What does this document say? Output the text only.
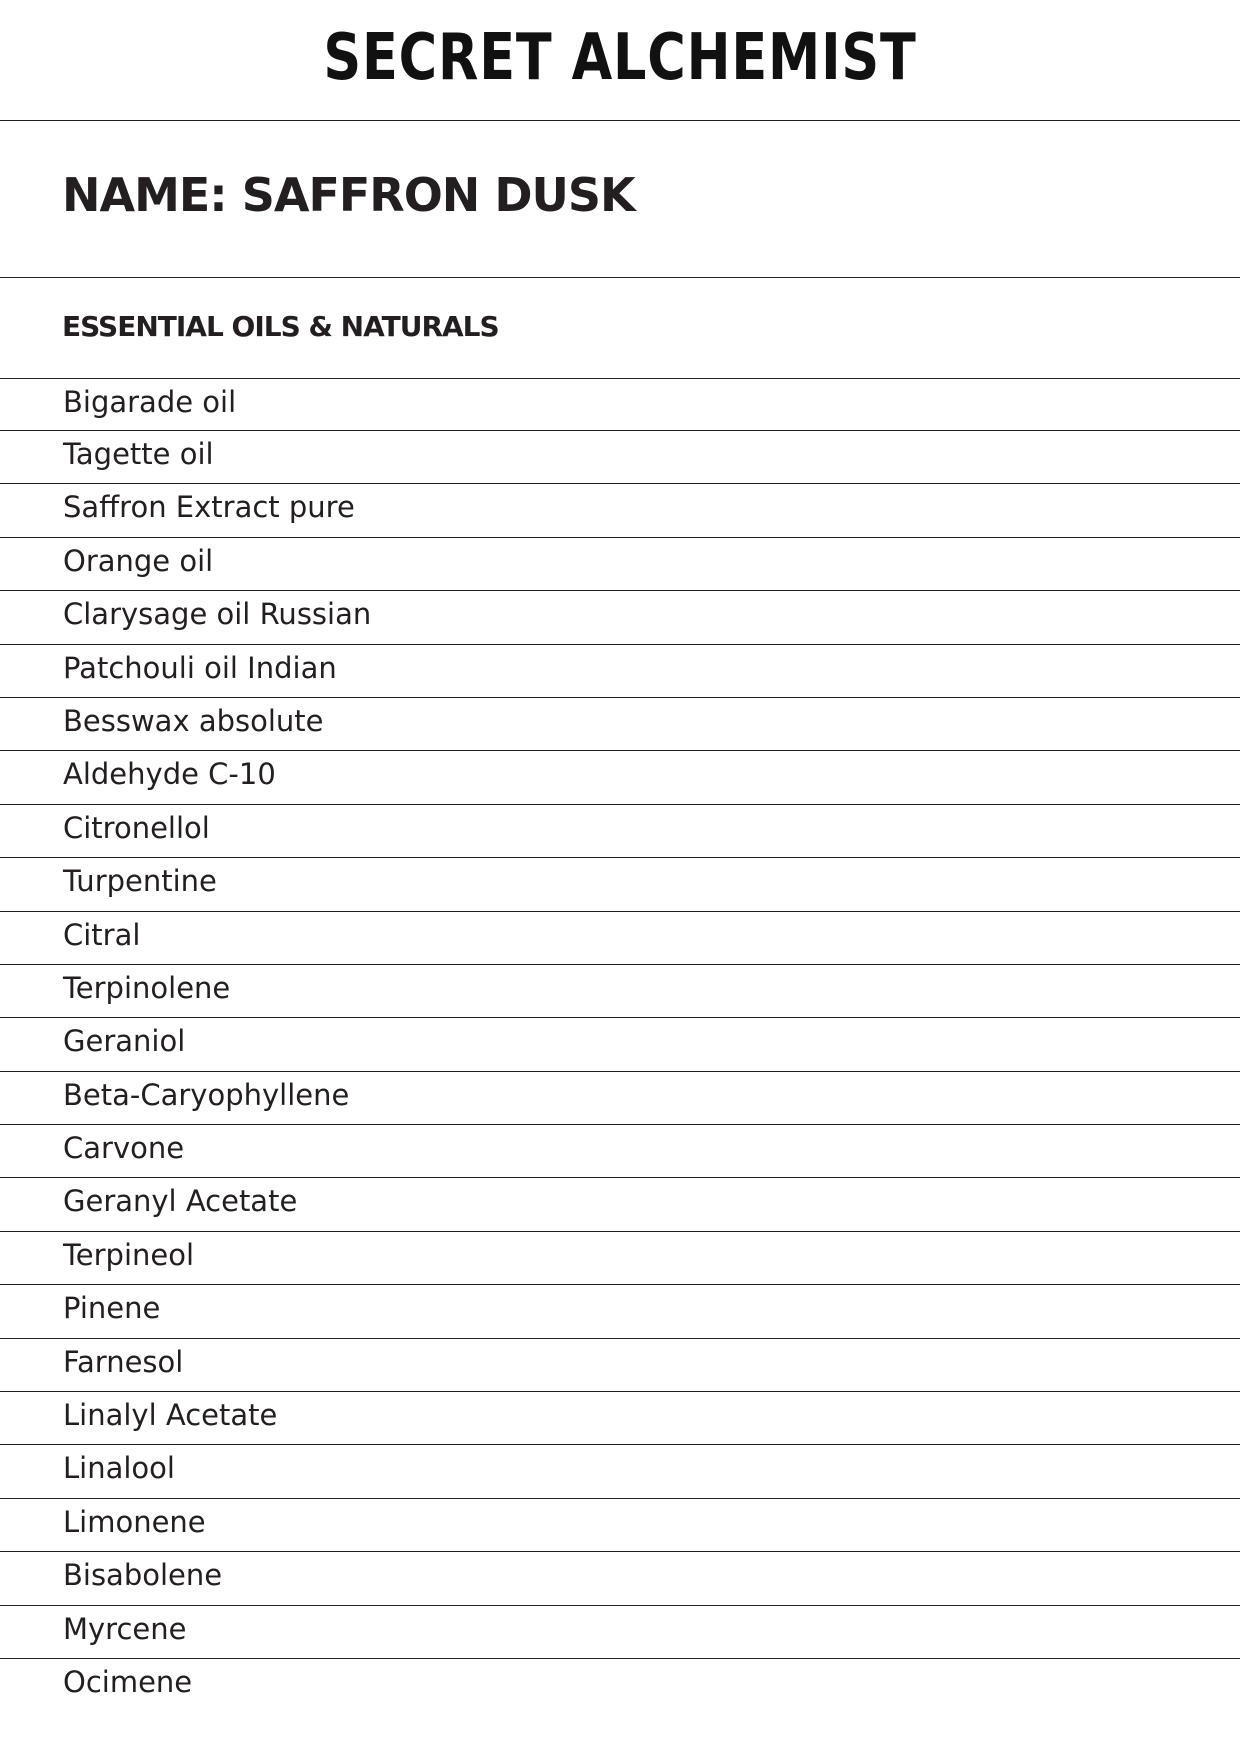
SECRET ALCHEMIST
NAME: SAFFRON DUSK
ESSENTIAL OILS & NATURALS
Bigarade oil
Tagette oil
Saffron Extract pure
Orange oil
Clarysage oil Russian
Patchouli oil Indian
Besswax absolute
Aldehyde C-10
Citronellol
Turpentine
Citral
Terpinolene
Geraniol
Beta-Caryophyllene
Carvone
Geranyl Acetate
Terpineol
Pinene
Farnesol
Linalyl Acetate
Linalool
Limonene
Bisabolene
Myrcene
Ocimene
